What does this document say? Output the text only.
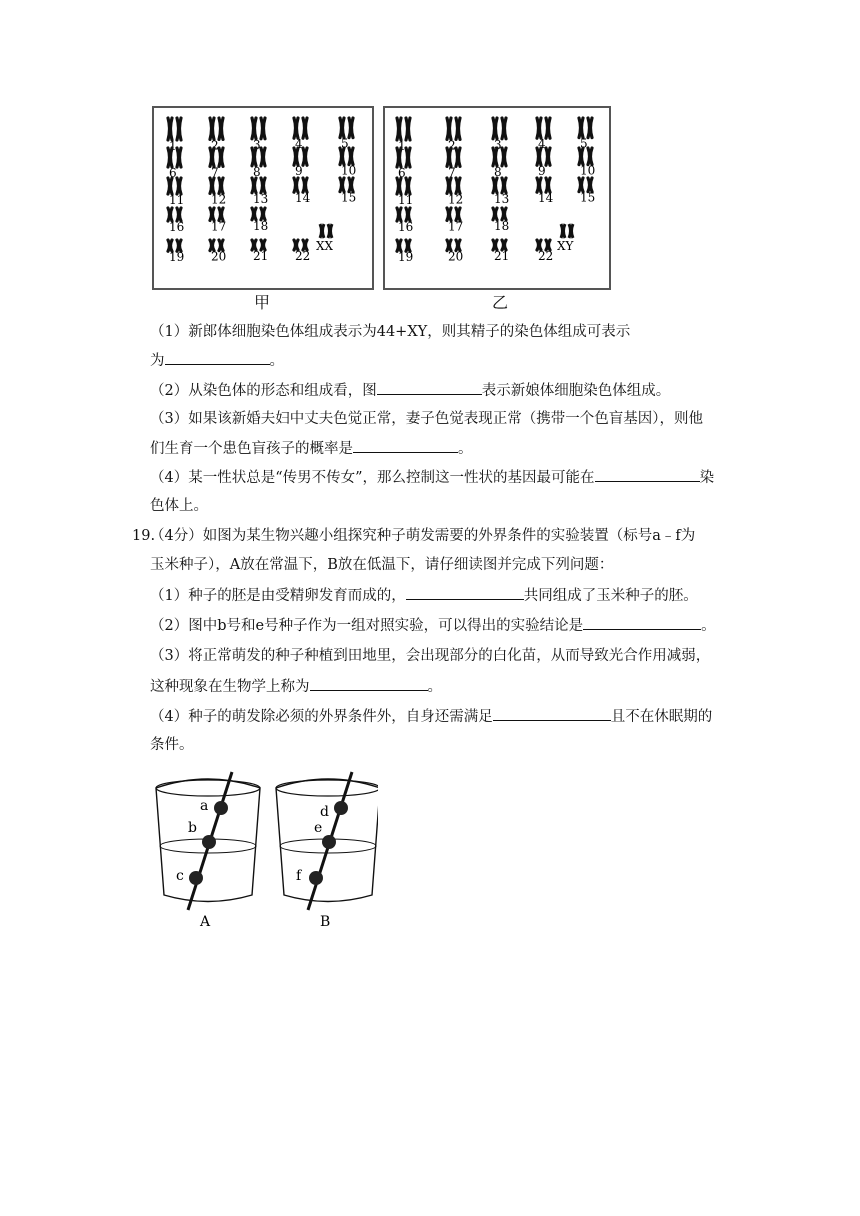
1	2	3	4	5
6	7	8	9	10
11 12 13 14	15
16 17 18
19 20 21 22
XX
甲
1	2	3	4	5
6	7	8	9	10
11	12	13 14 15
16	17	18
19	20	21 22
XY
乙
（1）新郎体细胞染色体组成表示为44+XY，则其精子的染色体组成可表示
为	。
（2）从染色体的形态和组成看，图	表示新娘体细胞染色体组成。
（3）如果该新婚夫妇中丈夫色觉正常，妻子色觉表现正常（携带一个色盲基因），则他
们生育一个患色盲孩子的概率是	。
（4）某一性状总是“传男不传女”，那么控制这一性状的基因最可能在	染
色体上。
19.
（4分）如图为某生物兴趣小组探究种子萌发需要的外界条件的实验装置（标号a﹣f为
玉米种子），A放在常温下，B放在低温下，请仔细读图并完成下列问题：
（1）种子的胚是由受精卵发育而成的，	共同组成了玉米种子的胚。
（2）图中b号和e号种子作为一组对照实验，可以得出的实验结论是	。
（3）将正常萌发的种子种植到田地里，会出现部分的白化苗，从而导致光合作用减弱，
这种现象在生物学上称为	。
（4）种子的萌发除必须的外界条件外，自身还需满足	且不在休眠期的
条件。
a
b
c
A
d
e
f
B
